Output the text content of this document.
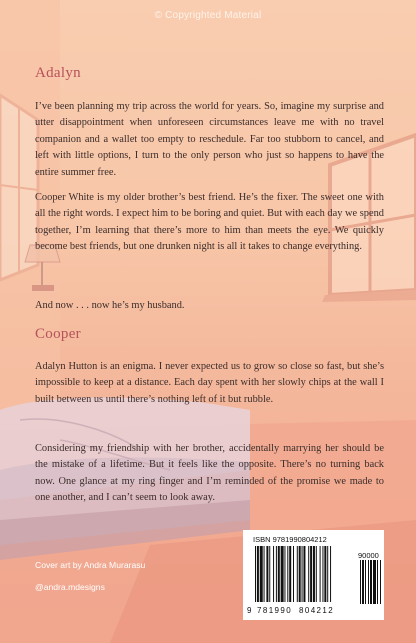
© Copyrighted Material
Adalyn

I’ve been planning my trip across the world for years. So, imagine my surprise and utter disappointment when unforeseen circumstances leave me with no travel companion and a wallet too empty to reschedule. Far too stubborn to cancel, and left with little options, I turn to the only person who just so happens to have the entire summer free.

Cooper White is my older brother’s best friend. He’s the fixer. The sweet one with all the right words. I expect him to be boring and quiet. But with each day we spend together, I’m learning that there’s more to him than meets the eye. We quickly become best friends, but one drunken night is all it takes to change everything.

And now . . . now he’s my husband.

Cooper

Adalyn Hutton is an enigma. I never expected us to grow so close so fast, but she’s impossible to keep at a distance. Each day spent with her slowly chips at the wall I built between us until there’s nothing left of it but rubble.

Considering my friendship with her brother, accidentally marrying her should be the mistake of a lifetime. But it feels like the opposite. There’s no turning back now. One glance at my ring finger and I’m reminded of the promise we made to one another, and I can’t seem to look away.

Cover art by Andra Murarasu
@andra.mdesigns
ISBN 9781990804212
90000
9 781990 804212
